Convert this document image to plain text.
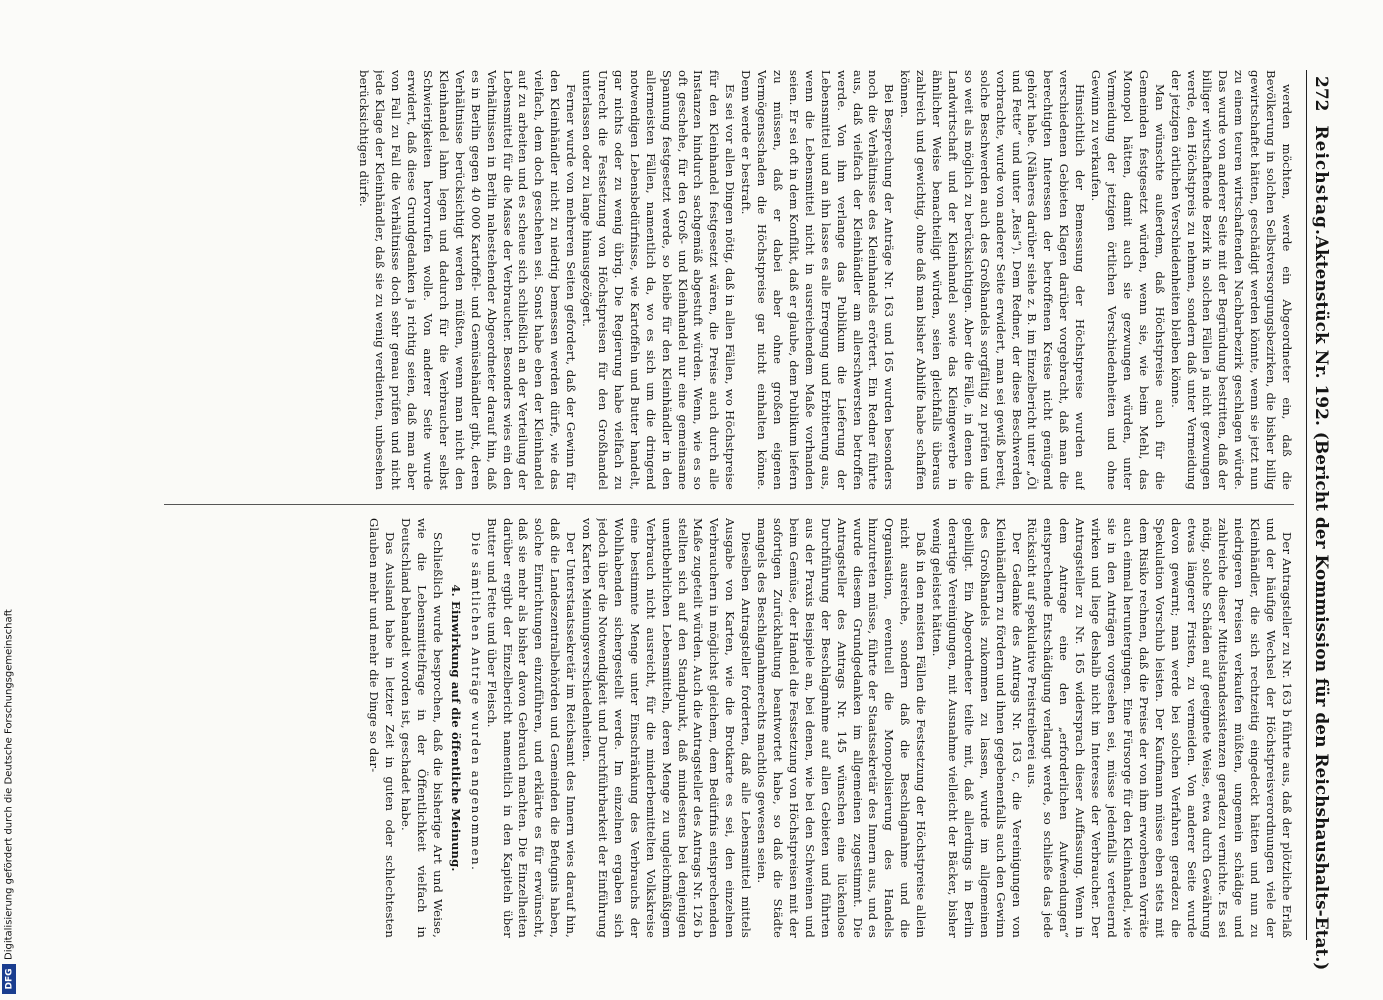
Digitalisierung gefördert durch die Deutsche Forschungsgemeinschaft
DFG
272
Reichstag.
Aktenstück Nr. 192. (Bericht der Kommission für den Reichshaushalts-Etat.)

werden möchten, werde ein Abgeordneter ein, daß die Bevölkerung in solchen Selbstversorgungsbezirken, die bisher billig gewirtschaftet hätten, geschädigt werden könnte, wenn sie jetzt nun zu einem teuren wirtschaftenden Nachbarbezirk geschlagen würde. Das wurde von anderer Seite mit der Begründung bestritten, daß der billiger wirtschaftende Bezirk in solchen Fällen ja nicht gezwungen werde, den Höchstpreis zu nehmen, sondern daß unter Vermeidung der jetzigen örtlichen Verschiedenheiten bleiben könne.

Man wünschte außerdem, daß Höchstpreise auch für die Gemeinden festgesetzt würden, wenn sie, wie beim Mehl, das Monopol hätten, damit auch sie gezwungen würden, unter Vermeidung der jetzigen örtlichen Verschiedenheiten und ohne Gewinn zu verkaufen.

Hinsichtlich der Bemessung der Höchstpreise wurden auf verschiedenen Gebieten Klagen darüber vorgebracht, daß man die berechtigten Interessen der betroffenen Kreise nicht genügend gehört habe. (Näheres darüber siehe z. B. im Einzelbericht unter „Öl und Fette“ und unter „Reis“). Dem Redner, der diese Beschwerden vorbrachte, wurde von anderer Seite erwidert, man sei gewiß bereit, solche Beschwerden auch des Großhandels sorgfältig zu prüfen und so weit als möglich zu berücksichtigen. Aber die Fälle, in denen die Landwirtschaft und der Kleinhandel sowie das Kleingewerbe in ähnlicher Weise benachteiligt würden, seien gleichfalls überaus zahlreich und gewichtig, ohne daß man bisher Abhilfe habe schaffen können.

Bei Besprechung der Anträge Nr. 163 und 165 wurden besonders noch die Verhältnisse des Kleinhandels erörtert. Ein Redner führte aus, daß vielfach der Kleinhändler am allerschwersten betroffen werde. Von ihm verlange das Publikum die Lieferung der Lebensmittel und an ihn lasse es alle Erregung und Erbitterung aus, wenn die Lebensmittel nicht in ausreichendem Maße vorhanden seien. Er sei oft in dem Konflikt, daß er glaube, dem Publikum liefern zu müssen, daß er dabei aber ohne großen eigenen Vermögensschaden die Höchstpreise gar nicht einhalten könne. Denn werde er bestraft.

Es sei vor allen Dingen nötig, daß in allen Fällen, wo Höchstpreise für den Kleinhandel festgesetzt wären, die Preise auch durch alle Instanzen hindurch sachgemäß abgestuft würden. Wenn, wie es so oft geschehe, für den Groß- und Kleinhandel nur eine gemeinsame Spannung festgesetzt werde, so bleibe für den Kleinhändler in den allermeisten Fällen, namentlich da, wo es sich um die dringend notwendigen Lebensbedürfnisse, wie Kartoffeln und Butter handelt, gar nichts oder zu wenig übrig. Die Regierung habe vielfach zu Unrecht die Festsetzung von Höchstpreisen für den Großhandel unterlassen oder zu lange hinausgezögert.

Ferner wurde von mehreren Seiten gefordert, daß der Gewinn für den Kleinhändler nicht zu niedrig bemessen werden dürfe, wie das vielfach, dem doch geschehen sei. Sonst habe eben der Kleinhandel auf zu arbeiten und es scheue sich schließlich an der Verteilung der Lebensmittel für die Masse der Verbraucher. Besonders wies ein den Verhältnissen in Berlin nahestehender Abgeordneter darauf hin, daß es in Berlin gegen 40 000 Kartoffel- und Gemüsehändler gibt, deren Verhältnisse berücksichtigt werden müßten, wenn man nicht den Kleinhandel lahm legen und dadurch für die Verbraucher selbst Schwierigkeiten hervorrufen wolle. Von anderer Seite wurde erwidert, daß diese Grundgedanken ja richtig seien, daß man aber von Fall zu Fall die Verhältnisse doch sehr genau prüfen und nicht jede Klage der Kleinhändler, daß sie zu wenig verdienten, unbesehen berücksichtigen dürfe.

Der Antragsteller zu Nr. 163 b führte aus, daß der plötzliche Erlaß und der häufige Wechsel der Höchstpreisverordnungen viele der Kleinhändler, die sich rechtzeitig eingedeckt hätten und nun zu niedrigeren Preisen verkaufen müßten, ungemein schädige und zahlreiche dieser Mittelstandsexistenzen geradezu vernichte. Es sei nötig, solche Schäden auf geeignete Weise, etwa durch Gewährung etwas längerer Fristen, zu vermeiden. Von anderer Seite wurde davon gewarnt; man werde bei solchen Verfahren geradezu die Spekulation Vorschub leisten. Der Kaufmann müsse eben stets mit dem Risiko rechnen, daß die Preise der von ihm erworbenen Vorräte auch einmal heruntergingen. Eine Fürsorge für den Kleinhandel, wie sie in den Anträgen vorgesehen sei, müsse jedenfalls verteuernd wirken und liege deshalb nicht im Interesse der Verbraucher. Der Antragsteller zu Nr. 165 widersprach dieser Auffassung. Wenn in dem Antrage eine den „erforderlichen Aufwendungen“ entsprechende Entschädigung verlangt werde, so schließe das jede Rücksicht auf spekulative Preistreiberei aus.

Der Gedanke des Antrags Nr. 163 c, die Vereinigungen von Kleinhändlern zu fördern und ihnen gegebenenfalls auch den Gewinn des Großhandels zukommen zu lassen, wurde im allgemeinen gebilligt. Ein Abgeordneter teilte mit, daß allerdings in Berlin derartige Vereinigungen, mit Ausnahme vielleicht der Bäcker, bisher wenig geleistet hätten.

Daß in den meisten Fällen die Festsetzung der Höchstpreise allein nicht ausreiche, sondern daß die Beschlagnahme und die Organisation, eventuell die Monopolisierung des Handels hinzutreten müsse, führte der Staatssekretär des Innern aus, und es wurde diesem Grundgedanken im allgemeinen zugestimmt. Die Antragsteller des Antrags Nr. 145 wünschen eine lückenlose Durchführung der Beschlagnahme auf allen Gebieten und führten aus der Praxis Beispiele an, bei denen, wie bei den Schweinen und beim Gemüse, der Handel die Festsetzung von Höchstpreisen mit der sofortigen Zurückhaltung beantwortet habe, so daß die Städte mangels des Beschlagnahmerechts machtlos gewesen seien.

Dieselben Antragsteller forderten, daß alle Lebensmittel mittels Ausgabe von Karten, wie die Brotkarte es sei, den einzelnen Verbrauchern in möglichst gleichem, dem Bedürfnis entsprechenden Maße zugeteilt würden. Auch die Antragsteller des Antrags Nr. 126 b stellten sich auf den Standpunkt, daß mindestens bei denjenigen unentbehrlichen Lebensmitteln, deren Menge zu ungleichmäßigem Verbrauch nicht ausreicht, für die minderbemittelten Volkskreise eine bestimmte Menge unter Einschränkung des Verbrauchs der Wohlhabenden sichergestellt werde. Im einzelnen ergaben sich jedoch über die Notwendigkeit und Durchführbarkeit der Einführung von Karten Meinungsverschiedenheiten.

Der Unterstaatssekretär im Reichsamt des Innern wies darauf hin, daß die Landeszentralbehörden und Gemeinden die Befugnis haben, solche Einrichtungen einzuführen, und erklärte es für erwünscht, daß sie mehr als bisher davon Gebrauch machten. Die Einzelheiten darüber ergibt der Einzelbericht namentlich in den Kapiteln über Butter und Fette und über Fleisch.

Die sämtlichen Anträge wurden angenommen.

4. Einwirkung auf die öffentliche Meinung.

Schließlich wurde besprochen, daß die bisherige Art und Weise, wie die Lebensmittelfrage in der Öffentlichkeit vielfach in Deutschland behandelt worden ist, geschadet habe.

Das Ausland habe in letzter Zeit in guten oder schlechtesten Glauben mehr und mehr die Dinge so dar-
